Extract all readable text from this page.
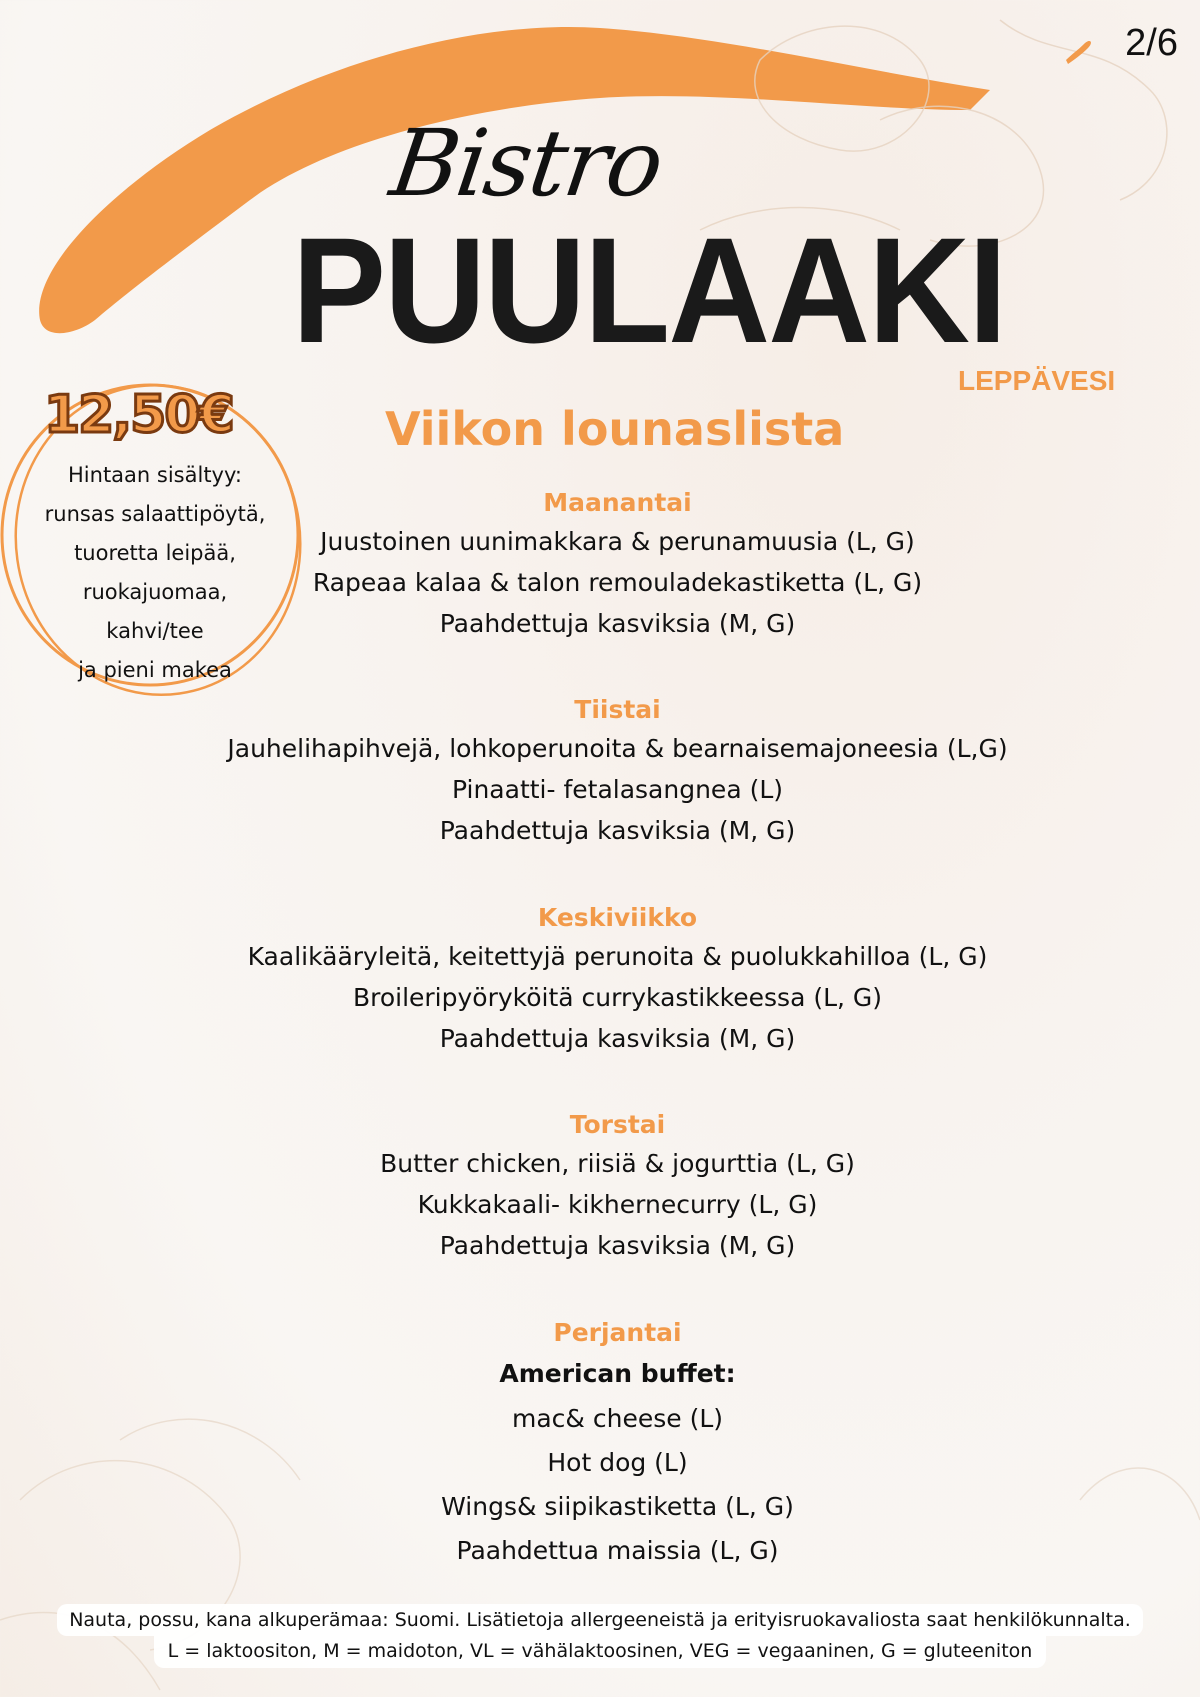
2/6
Bistro
PUULAAKI
LEPPÄVESI
12,50€
Hintaan sisältyy:
runsas salaattipöytä,
tuoretta leipää,
ruokajuomaa,
kahvi/tee
ja pieni makea
Viikon lounaslista
Maanantai
Juustoinen uunimakkara & perunamuusia (L, G)
Rapeaa kalaa & talon remouladekastiketta (L, G)
Paahdettuja kasviksia (M, G)
Tiistai
Jauhelihapihvejä, lohkoperunoita & bearnaisemajoneesia (L,G)
Pinaatti- fetalasangnea (L)
Paahdettuja kasviksia (M, G)
Keskiviikko
Kaalikääryleitä, keitettyjä perunoita & puolukkahilloa (L, G)
Broileripyöryköitä currykastikkeessa (L, G)
Paahdettuja kasviksia (M, G)
Torstai
Butter chicken, riisiä & jogurttia (L, G)
Kukkakaali- kikhernecurry (L, G)
Paahdettuja kasviksia (M, G)
Perjantai
American buffet:
mac& cheese (L)
Hot dog (L)
Wings& siipikastiketta (L, G)
Paahdettua maissia (L, G)
Nauta, possu, kana alkuperämaa: Suomi. Lisätietoja allergeeneistä ja erityisruokavaliosta saat henkilökunnalta.
L = laktoositon, M = maidoton, VL = vähälaktoosinen, VEG = vegaaninen, G = gluteeniton
